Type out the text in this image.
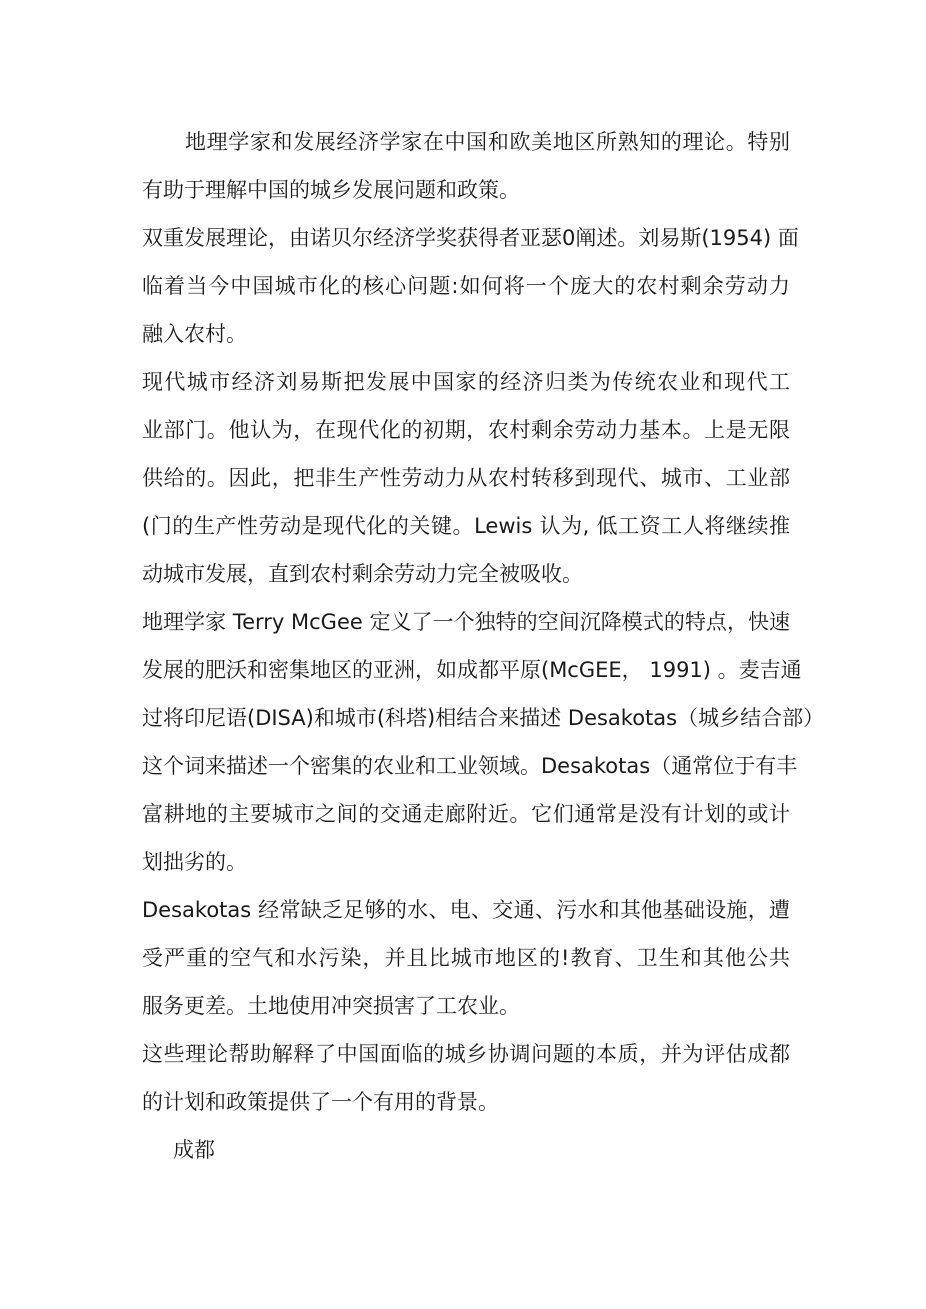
地理学家和发展经济学家在中国和欧美地区所熟知的理论。特别
有助于理解中国的城乡发展问题和政策。
双重发展理论，由诺贝尔经济学奖获得者亚瑟0阐述。刘易斯(1954) 面
临着当今中国城市化的核心问题:如何将一个庞大的农村剩余劳动力
融入农村。
现代城市经济刘易斯把发展中国家的经济归类为传统农业和现代工
业部门。他认为，在现代化的初期，农村剩余劳动力基本。上是无限
供给的。因此，把非生产性劳动力从农村转移到现代、城市、工业部
(门的生产性劳动是现代化的关键。Lewis 认为, 低工资工人将继续推
动城市发展，直到农村剩余劳动力完全被吸收。
地理学家 Terry McGee 定义了一个独特的空间沉降模式的特点，快速
发展的肥沃和密集地区的亚洲，如成都平原(McGEE， 1991) 。麦吉通
过将印尼语(DISA)和城市(科塔)相结合来描述 Desakotas（城乡结合部）
这个词来描述一个密集的农业和工业领域。Desakotas（通常位于有丰
富耕地的主要城市之间的交通走廊附近。它们通常是没有计划的或计
划拙劣的。
Desakotas 经常缺乏足够的水、电、交通、污水和其他基础设施，遭
受严重的空气和水污染，并且比城市地区的!教育、卫生和其他公共
服务更差。土地使用冲突损害了工农业。
这些理论帮助解释了中国面临的城乡协调问题的本质，并为评估成都
的计划和政策提供了一个有用的背景。
成都
